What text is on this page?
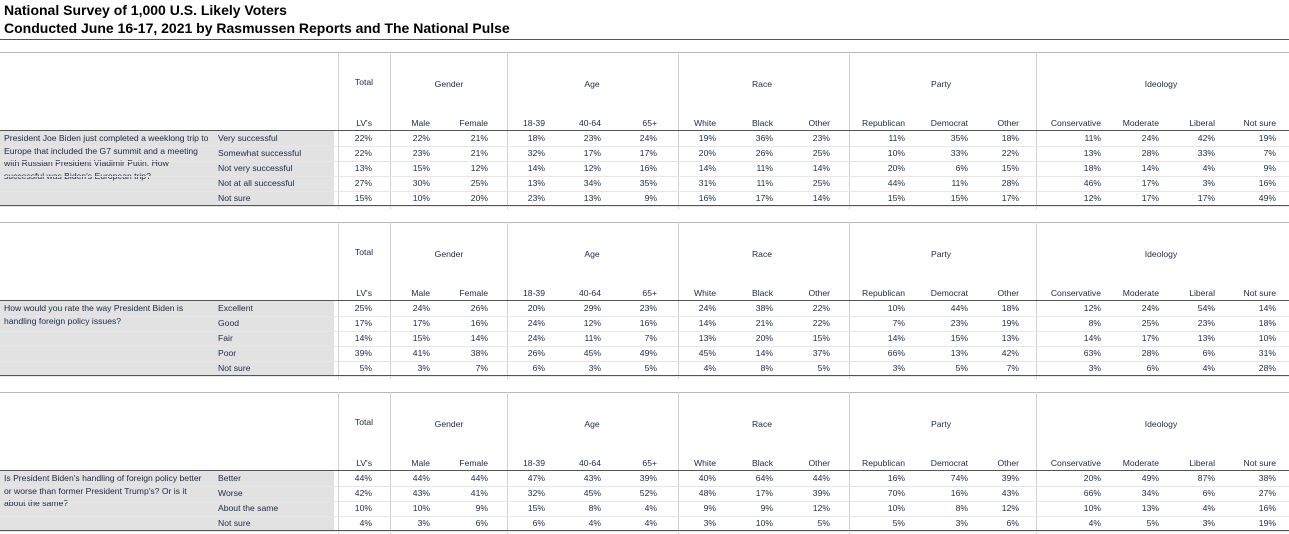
National Survey of 1,000 U.S. Likely Voters
Conducted June 16-17, 2021 by Rasmussen Reports and The National Pulse
Total	Gender	Age	Race	Party	Ideology
LV's	Male	Female	18-39	40-64	65+	White	Black	Other	Republican	Democrat	Other	Conservative	Moderate	Liberal	Not sure
President Joe Biden just completed a weeklong trip to Europe that included the G7 summit and a meeting with Russian President Vladimir Putin. How successful was Biden's European trip?
Very successful	22%	22%	21%	18%	23%	24%	19%	36%	23%	11%	35%	18%	11%	24%	42%	19%
Somewhat successful	22%	23%	21%	32%	17%	17%	20%	26%	25%	10%	33%	22%	13%	28%	33%	7%
Not very successful	13%	15%	12%	14%	12%	16%	14%	11%	14%	20%	6%	15%	18%	14%	4%	9%
Not at all successful	27%	30%	25%	13%	34%	35%	31%	11%	25%	44%	11%	28%	46%	17%	3%	16%
Not sure	15%	10%	20%	23%	13%	9%	16%	17%	14%	15%	15%	17%	12%	17%	17%	49%
Total	Gender	Age	Race	Party	Ideology
LV's	Male	Female	18-39	40-64	65+	White	Black	Other	Republican	Democrat	Other	Conservative	Moderate	Liberal	Not sure
How would you rate the way President Biden is handling foreign policy issues?
Excellent	25%	24%	26%	20%	29%	23%	24%	38%	22%	10%	44%	18%	12%	24%	54%	14%
Good	17%	17%	16%	24%	12%	16%	14%	21%	22%	7%	23%	19%	8%	25%	23%	18%
Fair	14%	15%	14%	24%	11%	7%	13%	20%	15%	14%	15%	13%	14%	17%	13%	10%
Poor	39%	41%	38%	26%	45%	49%	45%	14%	37%	66%	13%	42%	63%	28%	6%	31%
Not sure	5%	3%	7%	6%	3%	5%	4%	8%	5%	3%	5%	7%	3%	6%	4%	28%
Total	Gender	Age	Race	Party	Ideology
LV's	Male	Female	18-39	40-64	65+	White	Black	Other	Republican	Democrat	Other	Conservative	Moderate	Liberal	Not sure
Is President Biden's handling of foreign policy better or worse than former President Trump's? Or is it about the same?
Better	44%	44%	44%	47%	43%	39%	40%	64%	44%	16%	74%	39%	20%	49%	87%	38%
Worse	42%	43%	41%	32%	45%	52%	48%	17%	39%	70%	16%	43%	66%	34%	6%	27%
About the same	10%	10%	9%	15%	8%	4%	9%	9%	12%	10%	8%	12%	10%	13%	4%	16%
Not sure	4%	3%	6%	6%	4%	4%	3%	10%	5%	5%	3%	6%	4%	5%	3%	19%
